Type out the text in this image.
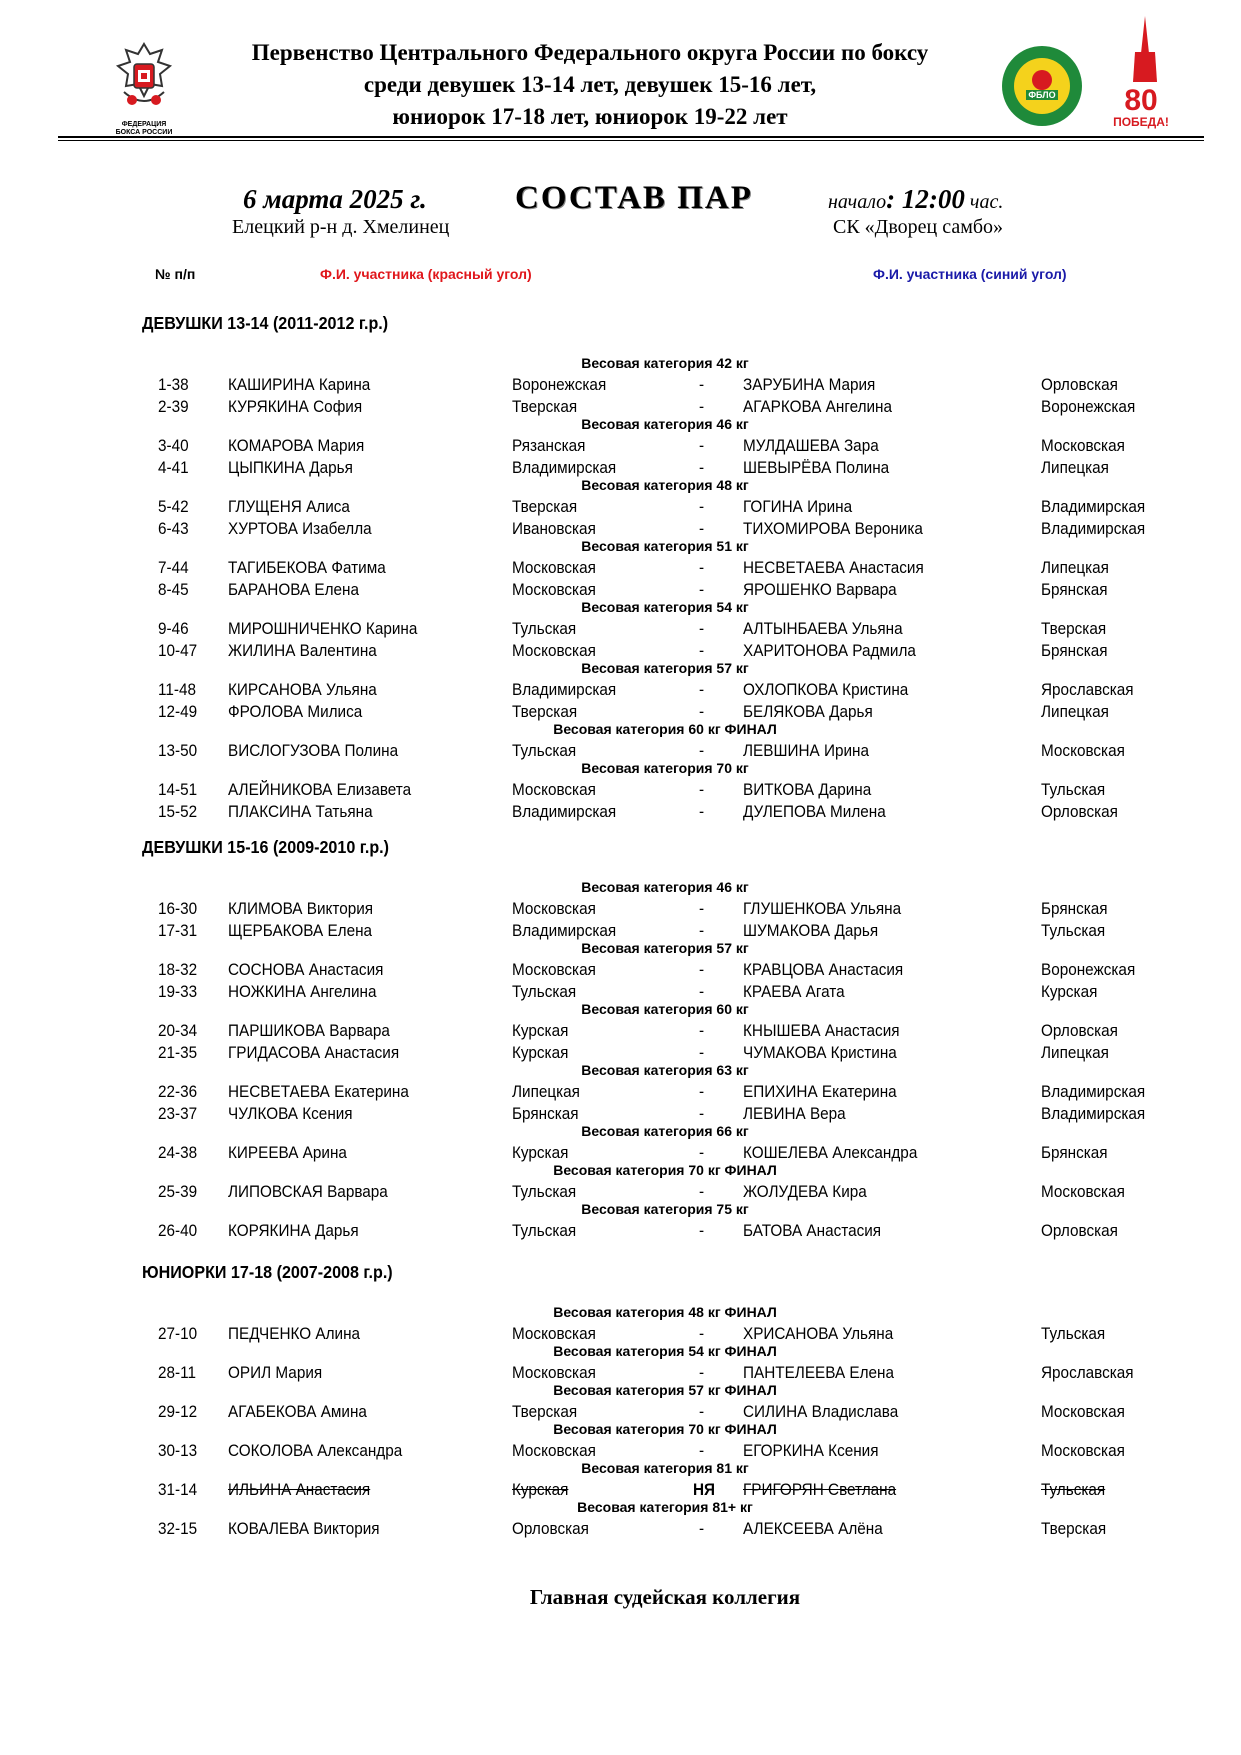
ФЕДЕРАЦИЯ
БОКСА РОССИИ
Первенство Центрального Федерального округа России по боксу
среди девушек 13-14 лет, девушек 15-16 лет,
юниорок 17-18 лет, юниорок 19-22 лет
ФБЛО 80
ПОБЕДА!
6 марта 2025 г.
Елецкий р-н д. Хмелинец
СОСТАВ ПАР	начало: 12:00 час.
СК «Дворец самбо»
№ п/п	Ф.И. участника (красный угол)	Ф.И. участника (синий угол)
ДЕВУШКИ 13-14 (2011-2012 г.р.)
Весовая категория 42 кг
1-38 КАШИРИНА Карина	Воронежская	- ЗАРУБИНА Мария	Орловская
2-39 КУРЯКИНА София	Тверская	- АГАРКОВА Ангелина	Воронежская
Весовая категория 46 кг
3-40 КОМАРОВА Мария	Рязанская	- МУЛДАШЕВА Зара	Московская
4-41 ЦЫПКИНА Дарья	Владимирская	- ШЕВЫРЁВА Полина	Липецкая
Весовая категория 48 кг
5-42 ГЛУЩЕНЯ Алиса	Тверская	- ГОГИНА Ирина	Владимирская
6-43 ХУРТОВА Изабелла	Ивановская	- ТИХОМИРОВА Вероника	Владимирская
Весовая категория 51 кг
7-44 ТАГИБЕКОВА Фатима	Московская	- НЕСВЕТАЕВА Анастасия	Липецкая
8-45 БАРАНОВА Елена	Московская	- ЯРОШЕНКО Варвара	Брянская
Весовая категория 54 кг
9-46 МИРОШНИЧЕНКО Карина	Тульская	- АЛТЫНБАЕВА Ульяна	Тверская
10-47 ЖИЛИНА Валентина	Московская	- ХАРИТОНОВА Радмила	Брянская
Весовая категория 57 кг
11-48 КИРСАНОВА Ульяна	Владимирская	- ОХЛОПКОВА Кристина	Ярославская
12-49 ФРОЛОВА Милиса	Тверская	- БЕЛЯКОВА Дарья	Липецкая
Весовая категория 60 кг ФИНАЛ
13-50 ВИСЛОГУЗОВА Полина	Тульская	- ЛЕВШИНА Ирина	Московская
Весовая категория 70 кг
14-51 АЛЕЙНИКОВА Елизавета	Московская	- ВИТКОВА Дарина	Тульская
15-52 ПЛАКСИНА Татьяна	Владимирская	- ДУЛЕПОВА Милена	Орловская
ДЕВУШКИ 15-16 (2009-2010 г.р.)
Весовая категория 46 кг
16-30 КЛИМОВА Виктория	Московская	- ГЛУШЕНКОВА Ульяна	Брянская
17-31 ЩЕРБАКОВА Елена	Владимирская	- ШУМАКОВА Дарья	Тульская
Весовая категория 57 кг
18-32 СОСНОВА Анастасия	Московская	- КРАВЦОВА Анастасия	Воронежская
19-33 НОЖКИНА Ангелина	Тульская	- КРАЕВА Агата	Курская
Весовая категория 60 кг
20-34 ПАРШИКОВА Варвара	Курская	- КНЫШЕВА Анастасия	Орловская
21-35 ГРИДАСОВА Анастасия	Курская	- ЧУМАКОВА Кристина	Липецкая
Весовая категория 63 кг
22-36 НЕСВЕТАЕВА Екатерина	Липецкая	- ЕПИХИНА Екатерина	Владимирская
23-37 ЧУЛКОВА Ксения	Брянская	- ЛЕВИНА Вера	Владимирская
Весовая категория 66 кг
24-38 КИРЕЕВА Арина	Курская	- КОШЕЛЕВА Александра	Брянская
Весовая категория 70 кг ФИНАЛ
25-39 ЛИПОВСКАЯ Варвара	Тульская	- ЖОЛУДЕВА Кира	Московская
Весовая категория 75 кг
26-40 КОРЯКИНА Дарья	Тульская	- БАТОВА Анастасия	Орловская
ЮНИОРКИ 17-18 (2007-2008 г.р.)
Весовая категория 48 кг ФИНАЛ
27-10 ПЕДЧЕНКО Алина	Московская	- ХРИСАНОВА Ульяна	Тульская
Весовая категория 54 кг ФИНАЛ
28-11 ОРИЛ Мария	Московская	- ПАНТЕЛЕЕВА Елена	Ярославская
Весовая категория 57 кг ФИНАЛ
29-12 АГАБЕКОВА Амина	Тверская	- СИЛИНА Владислава	Московская
Весовая категория 70 кг ФИНАЛ
30-13 СОКОЛОВА Александра	Московская	- ЕГОРКИНА Ксения	Московская
Весовая категория 81 кг
31-14 ИЛЬИНА Анастасия	Курская	НЯ ГРИГОРЯН Светлана	Тульская
Весовая категория 81+ кг
32-15 КОВАЛЕВА Виктория	Орловская	- АЛЕКСЕЕВА Алёна	Тверская
Главная судейская коллегия
